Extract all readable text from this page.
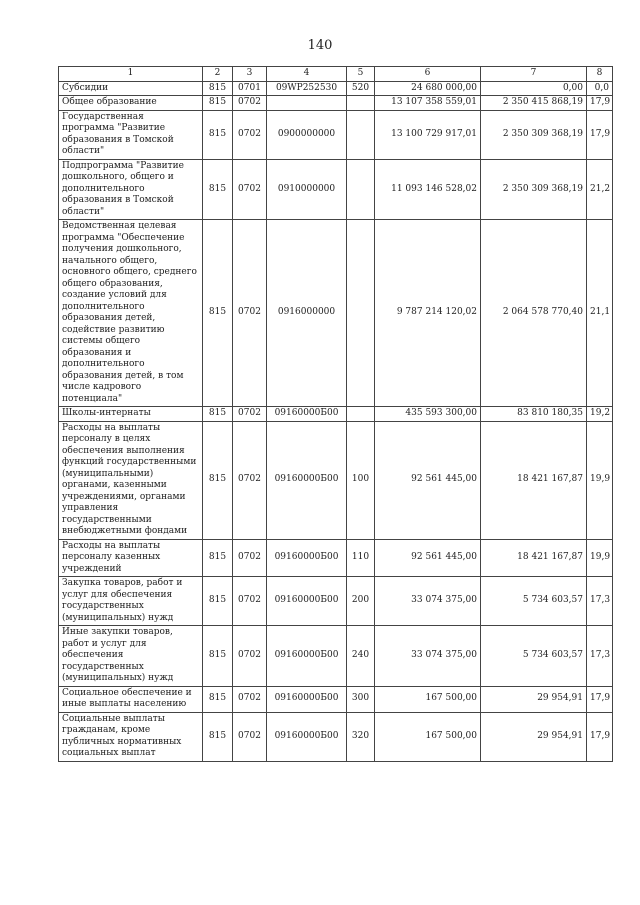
140
1	2	3	4	5	6	7	8
Субсидии	815	0701	09WP252530	520	24 680 000,00	0,00	0,0
Общее образование	815	0702			13 107 358 559,01	2 350 415 868,19	17,9
Государственная программа "Развитие образования в Томской области"	815	0702	0900000000		13 100 729 917,01	2 350 309 368,19	17,9
Подпрограмма "Развитие дошкольного, общего и дополнительного образования в Томской области"	815	0702	0910000000		11 093 146 528,02	2 350 309 368,19	21,2
Ведомственная целевая программа "Обеспечение получения дошкольного, начального общего, основного общего, среднего общего образования, создание условий для дополнительного образования детей, содействие развитию системы общего образования и дополнительного образования детей, в том числе кадрового потенциала"	815	0702	0916000000		9 787 214 120,02	2 064 578 770,40	21,1
Школы-интернаты	815	0702	09160000Б00		435 593 300,00	83 810 180,35	19,2
Расходы на выплаты персоналу в целях обеспечения выполнения функций государственными (муниципальными) органами, казенными учреждениями, органами управления государственными внебюджетными фондами	815	0702	09160000Б00	100	92 561 445,00	18 421 167,87	19,9
Расходы на выплаты персоналу казенных учреждений	815	0702	09160000Б00	110	92 561 445,00	18 421 167,87	19,9
Закупка товаров, работ и услуг для обеспечения государственных (муниципальных) нужд	815	0702	09160000Б00	200	33 074 375,00	5 734 603,57	17,3
Иные закупки товаров, работ и услуг для обеспечения государственных (муниципальных) нужд	815	0702	09160000Б00	240	33 074 375,00	5 734 603,57	17,3
Социальное обеспечение и иные выплаты населению	815	0702	09160000Б00	300	167 500,00	29 954,91	17,9
Социальные выплаты гражданам, кроме публичных нормативных социальных выплат	815	0702	09160000Б00	320	167 500,00	29 954,91	17,9
